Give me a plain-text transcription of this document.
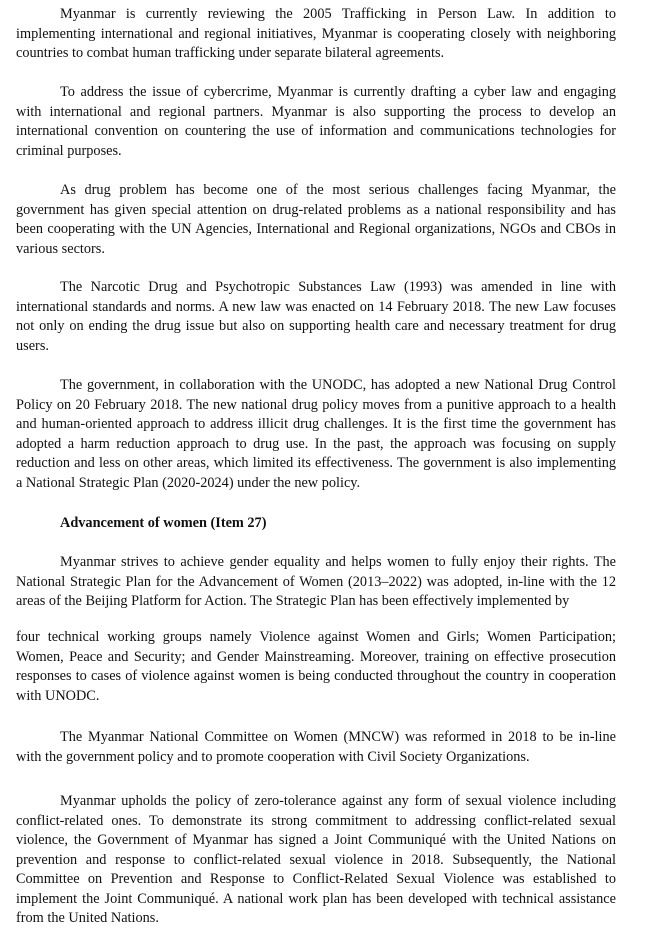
Myanmar is currently reviewing the 2005 Trafficking in Person Law. In addition to implementing international and regional initiatives, Myanmar is cooperating closely with neighboring countries to combat human trafficking under separate bilateral agreements.

To address the issue of cybercrime, Myanmar is currently drafting a cyber law and engaging with international and regional partners. Myanmar is also supporting the process to develop an international convention on countering the use of information and communications technologies for criminal purposes.

As drug problem has become one of the most serious challenges facing Myanmar, the government has given special attention on drug-related problems as a national responsibility and has been cooperating with the UN Agencies, International and Regional organizations, NGOs and CBOs in various sectors.

The Narcotic Drug and Psychotropic Substances Law (1993) was amended in line with international standards and norms. A new law was enacted on 14 February 2018. The new Law focuses not only on ending the drug issue but also on supporting health care and necessary treatment for drug users.

The government, in collaboration with the UNODC, has adopted a new National Drug Control Policy on 20 February 2018. The new national drug policy moves from a punitive approach to a health and human-oriented approach to address illicit drug challenges. It is the first time the government has adopted a harm reduction approach to drug use. In the past, the approach was focusing on supply reduction and less on other areas, which limited its effectiveness. The government is also implementing a National Strategic Plan (2020-2024) under the new policy.

Advancement of women (Item 27)

Myanmar strives to achieve gender equality and helps women to fully enjoy their rights. The National Strategic Plan for the Advancement of Women (2013–2022) was adopted, in-line with the 12 areas of the Beijing Platform for Action. The Strategic Plan has been effectively implemented by

four technical working groups namely Violence against Women and Girls; Women Participation; Women, Peace and Security; and Gender Mainstreaming. Moreover, training on effective prosecution responses to cases of violence against women is being conducted throughout the country in cooperation with UNODC.

The Myanmar National Committee on Women (MNCW) was reformed in 2018 to be in-line with the government policy and to promote cooperation with Civil Society Organizations.

Myanmar upholds the policy of zero-tolerance against any form of sexual violence including conflict-related ones. To demonstrate its strong commitment to addressing conflict-related sexual violence, the Government of Myanmar has signed a Joint Communiqué with the United Nations on prevention and response to conflict-related sexual violence in 2018. Subsequently, the National Committee on Prevention and Response to Conflict-Related Sexual Violence was established to implement the Joint Communiqué. A national work plan has been developed with technical assistance from the United Nations.
